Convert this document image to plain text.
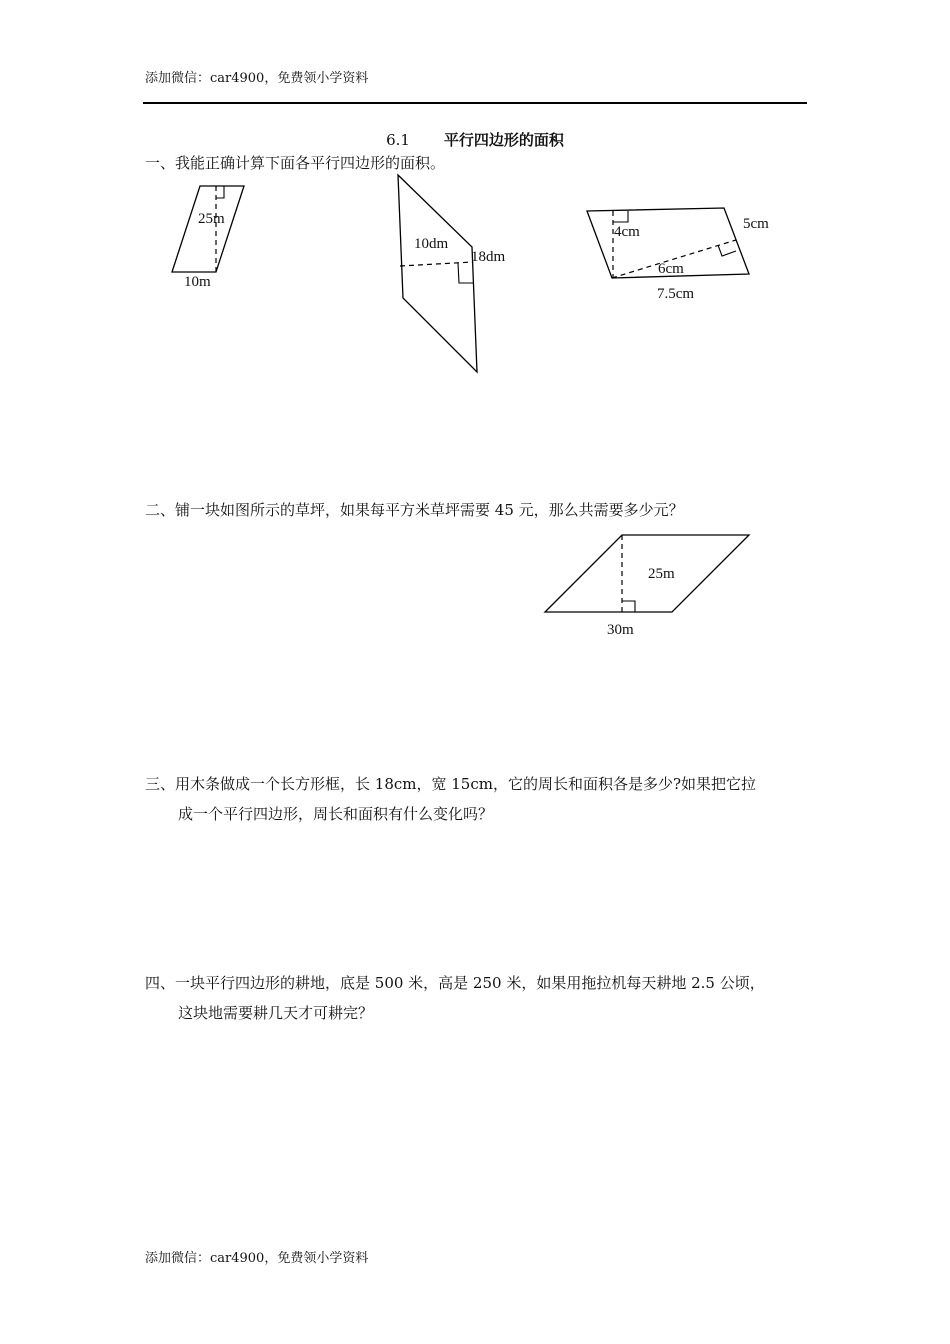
添加微信：car4900，免费领小学资料
6.1 平行四边形的面积
一、我能正确计算下面各平行四边形的面积。
25m
10m
10dm
18dm
5cm
4cm
6cm
7.5cm
二、铺一块如图所示的草坪，如果每平方米草坪需要 45 元，那么共需要多少元？
25m
30m
三、用木条做成一个长方形框，长 18cm，宽 15cm，它的周长和面积各是多少?如果把它拉
成一个平行四边形，周长和面积有什么变化吗？
四、一块平行四边形的耕地，底是 500 米，高是 250 米，如果用拖拉机每天耕地 2.5 公顷，
这块地需要耕几天才可耕完？
添加微信：car4900，免费领小学资料
